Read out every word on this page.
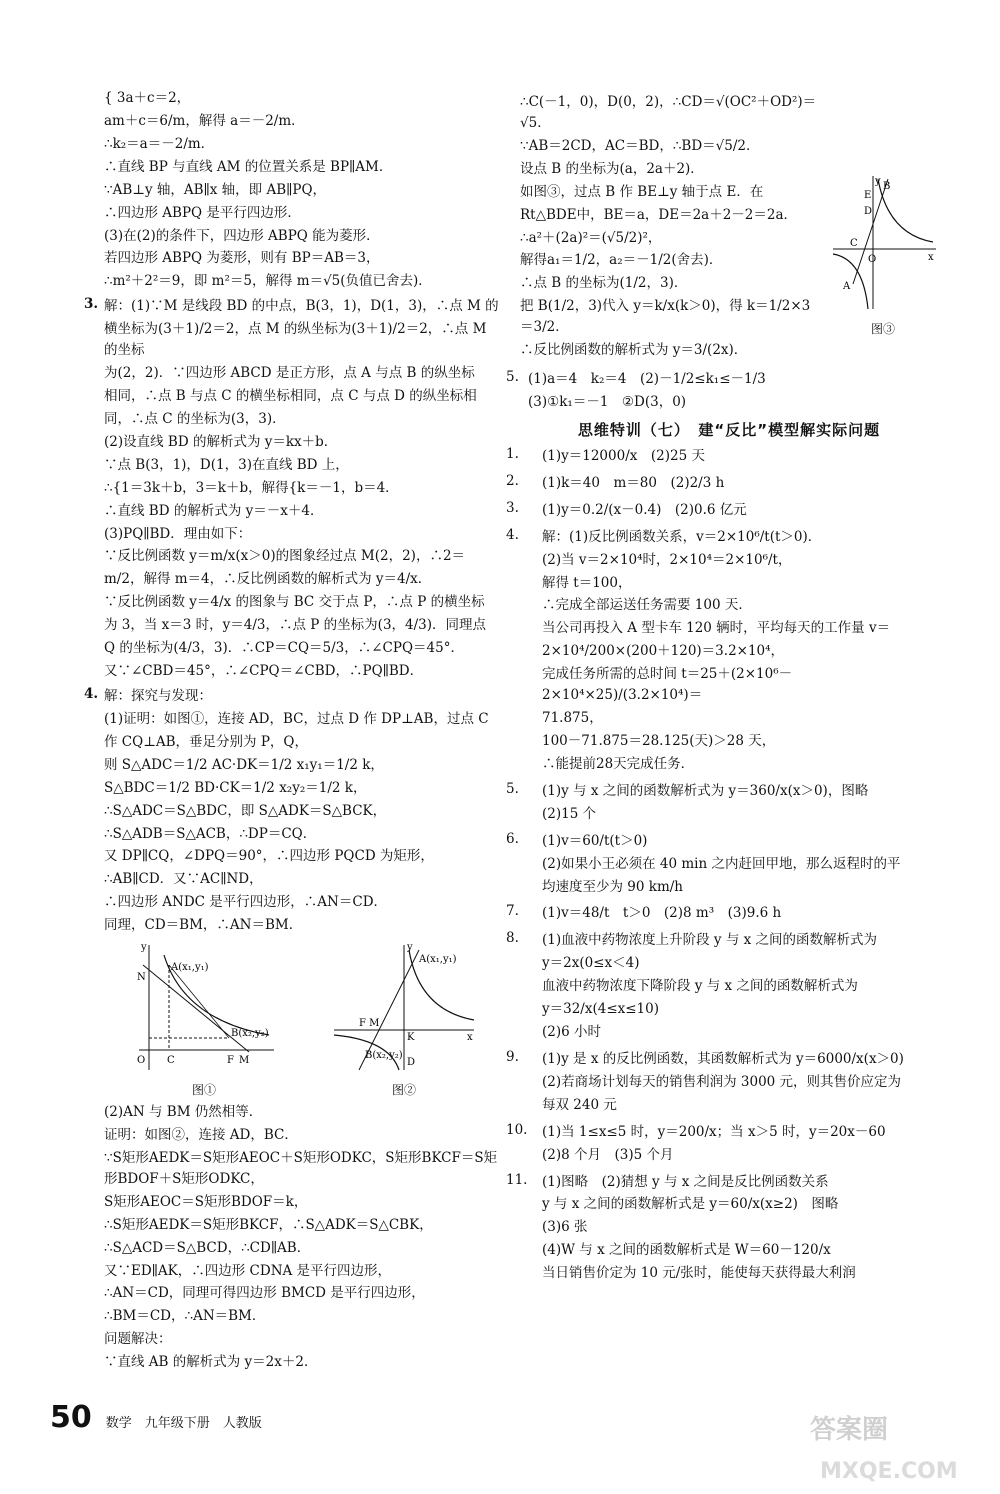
{ 3a＋c＝2，
am＋c＝6/m，解得 a＝－2/m．
∴k₂＝a＝－2/m．
∴直线 BP 与直线 AM 的位置关系是 BP∥AM．
∵AB⊥y 轴，AB∥x 轴，即 AB∥PQ，
∴四边形 ABPQ 是平行四边形．
(3)在(2)的条件下，四边形 ABPQ 能为菱形．
若四边形 ABPQ 为菱形，则有 BP＝AB＝3，
∴m²＋2²＝9，即 m²＝5，解得 m＝√5(负值已舍去)．
3. 解：(1)∵M 是线段 BD 的中点，B(3，1)，D(1，3)，∴点 M 的
横坐标为(3＋1)/2＝2，点 M 的纵坐标为(3＋1)/2＝2，∴点 M 的坐标
为(2，2)．∵四边形 ABCD 是正方形，点 A 与点 B 的纵坐标
相同，∴点 B 与点 C 的横坐标相同，点 C 与点 D 的纵坐标相
同，∴点 C 的坐标为(3，3)．
(2)设直线 BD 的解析式为 y＝kx＋b．
∵点 B(3，1)，D(1，3)在直线 BD 上，
∴{1＝3k＋b，3＝k＋b，解得{k＝－1，b＝4．
∴直线 BD 的解析式为 y＝－x＋4．
(3)PQ∥BD．理由如下：
∵反比例函数 y＝m/x(x＞0)的图象经过点 M(2，2)，∴2＝
m/2，解得 m＝4，∴反比例函数的解析式为 y＝4/x．
∵反比例函数 y＝4/x 的图象与 BC 交于点 P，∴点 P 的横坐标
为 3，当 x＝3 时，y＝4/3，∴点 P 的坐标为(3，4/3)．同理点
Q 的坐标为(4/3，3)．∴CP＝CQ＝5/3，∴∠CPQ＝45°．
又∵∠CBD＝45°，∴∠CPQ＝∠CBD，∴PQ∥BD．
4. 解：探究与发现：
(1)证明：如图①，连接 AD，BC，过点 D 作 DP⊥AB，过点 C
作 CQ⊥AB，垂足分别为 P，Q，
则 S△ADC＝1/2 AC·DK＝1/2 x₁y₁＝1/2 k，
S△BDC＝1/2 BD·CK＝1/2 x₂y₂＝1/2 k，
∴S△ADC＝S△BDC，即 S△ADK＝S△BCK，
∴S△ADB＝S△ACB，∴DP＝CQ．
又 DP∥CQ，∠DPQ＝90°，∴四边形 PQCD 为矩形，
∴AB∥CD．又∵AC∥ND，
∴四边形 ANDC 是平行四边形，∴AN＝CD．
同理，CD＝BM，∴AN＝BM．
y
N
A(x₁,y₁)
B(x₂,y₂)
O C	F M
图①
y
A(x₁,y₁)
B(x₂,y₂)
F M
K
D
x
图②
(2)AN 与 BM 仍然相等．
证明：如图②，连接 AD，BC．
∵S矩形AEDK＝S矩形AEOC＋S矩形ODKC，S矩形BKCF＝S矩形BDOF＋S矩形ODKC，
S矩形AEOC＝S矩形BDOF＝k，
∴S矩形AEDK＝S矩形BKCF，∴S△ADK＝S△CBK，
∴S△ACD＝S△BCD，∴CD∥AB．
又∵ED∥AK，∴四边形 CDNA 是平行四边形，
∴AN＝CD，同理可得四边形 BMCD 是平行四边形，
∴BM＝CD，∴AN＝BM．
问题解决：
∵直线 AB 的解析式为 y＝2x＋2．
∴C(－1，0)，D(0，2)，∴CD＝√(OC²＋OD²)＝√5．
∵AB＝2CD，AC＝BD，∴BD＝√5/2．
设点 B 的坐标为(a，2a＋2)．
如图③，过点 B 作 BE⊥y 轴于点 E．在
Rt△BDE中，BE＝a，DE＝2a＋2－2＝2a．
∴a²＋(2a)²＝(√5/2)²，
解得a₁＝1/2，a₂＝－1/2(舍去)．
∴点 B 的坐标为(1/2，3)．
把 B(1/2，3)代入 y＝k/x(k＞0)，得 k＝1/2×3＝3/2．
∴反比例函数的解析式为 y＝3/(2x)．
y B
E
D
C
O
A
x
图③
5. (1)a＝4　k₂＝4　(2)－1/2≤k₁≤－1/3
(3)①k₁＝－1　②D(3，0)
思维特训（七）　建“反比”模型解实际问题
1. (1)y＝12000/x　(2)25 天
2. (1)k＝40　m＝80　(2)2/3 h
3. (1)y＝0.2/(x－0.4)　(2)0.6 亿元
4. 解：(1)反比例函数关系，v＝2×10⁶/t(t＞0)．
(2)当 v＝2×10⁴时，2×10⁴＝2×10⁶/t，
解得 t＝100，
∴完成全部运送任务需要 100 天．
当公司再投入 A 型卡车 120 辆时，平均每天的工作量 v＝
2×10⁴/200×(200＋120)＝3.2×10⁴，
完成任务所需的总时间 t＝25＋(2×10⁶－2×10⁴×25)/(3.2×10⁴)＝
71.875，
100－71.875＝28.125(天)＞28 天，
∴能提前28天完成任务．
5. (1)y 与 x 之间的函数解析式为 y＝360/x(x＞0)，图略
(2)15 个
6. (1)v＝60/t(t＞0)
(2)如果小王必须在 40 min 之内赶回甲地，那么返程时的平
均速度至少为 90 km/h
7. (1)v＝48/t　t＞0　(2)8 m³　(3)9.6 h
8. (1)血液中药物浓度上升阶段 y 与 x 之间的函数解析式为
y＝2x(0≤x＜4)
血液中药物浓度下降阶段 y 与 x 之间的函数解析式为
y＝32/x(4≤x≤10)
(2)6 小时
9. (1)y 是 x 的反比例函数，其函数解析式为 y＝6000/x(x＞0)
(2)若商场计划每天的销售利润为 3000 元，则其售价应定为
每双 240 元
10. (1)当 1≤x≤5 时，y＝200/x；当 x＞5 时，y＝20x－60
(2)8 个月　(3)5 个月
11. (1)图略　(2)猜想 y 与 x 之间是反比例函数关系
y 与 x 之间的函数解析式是 y＝60/x(x≥2)　图略
(3)6 张
(4)W 与 x 之间的函数解析式是 W＝60－120/x
当日销售价定为 10 元/张时，能使每天获得最大利润
50 数学　九年级下册　人教版	答案圈
MXQE.COM
